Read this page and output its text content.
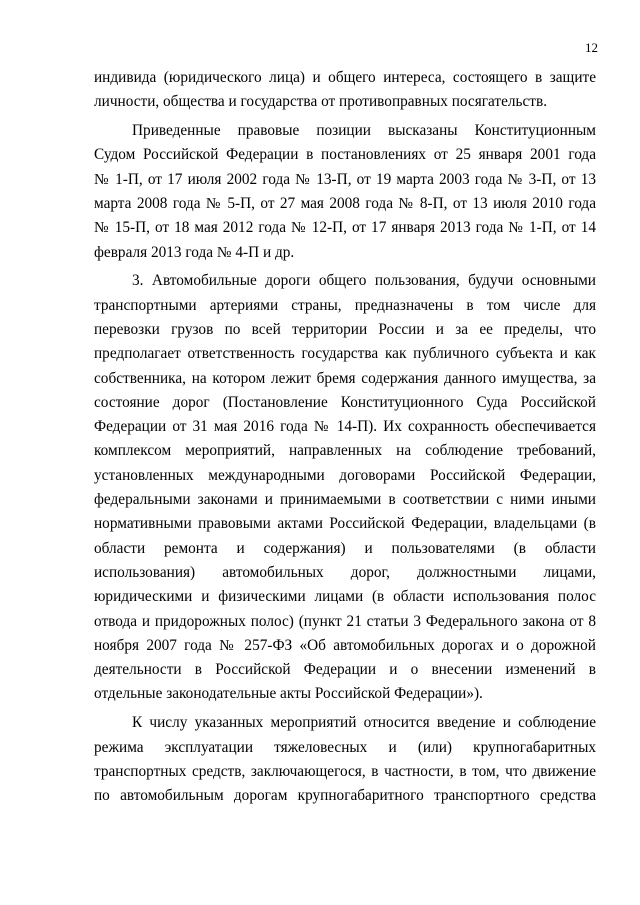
12
индивида (юридического лица) и общего интереса, состоящего в защите
личности, общества и государства от противоправных посягательств.
Приведенные правовые позиции высказаны Конституционным
Судом Российской Федерации в постановлениях от 25 января 2001 года
№ 1-П, от 17 июля 2002 года № 13-П, от 19 марта 2003 года № 3-П, от 13
марта 2008 года № 5-П, от 27 мая 2008 года № 8-П, от 13 июля 2010 года
№ 15-П, от 18 мая 2012 года № 12-П, от 17 января 2013 года № 1-П, от 14
февраля 2013 года № 4-П и др.
3. Автомобильные дороги общего пользования, будучи основными
транспортными артериями страны, предназначены в том числе для
перевозки грузов по всей территории России и за ее пределы, что
предполагает ответственность государства как публичного субъекта и как
собственника, на котором лежит бремя содержания данного имущества, за
состояние дорог (Постановление Конституционного Суда Российской
Федерации от 31 мая 2016 года № 14-П). Их сохранность обеспечивается
комплексом мероприятий, направленных на соблюдение требований,
установленных международными договорами Российской Федерации,
федеральными законами и принимаемыми в соответствии с ними иными
нормативными правовыми актами Российской Федерации, владельцами (в
области ремонта и содержания) и пользователями (в области
использования) автомобильных дорог, должностными лицами,
юридическими и физическими лицами (в области использования полос
отвода и придорожных полос) (пункт 21 статьи 3 Федерального закона от 8
ноября 2007 года № 257-ФЗ «Об автомобильных дорогах и о дорожной
деятельности в Российской Федерации и о внесении изменений в
отдельные законодательные акты Российской Федерации»).
К числу указанных мероприятий относится введение и соблюдение
режима эксплуатации тяжеловесных и (или) крупногабаритных
транспортных средств, заключающегося, в частности, в том, что движение
по автомобильным дорогам крупногабаритного транспортного средства
